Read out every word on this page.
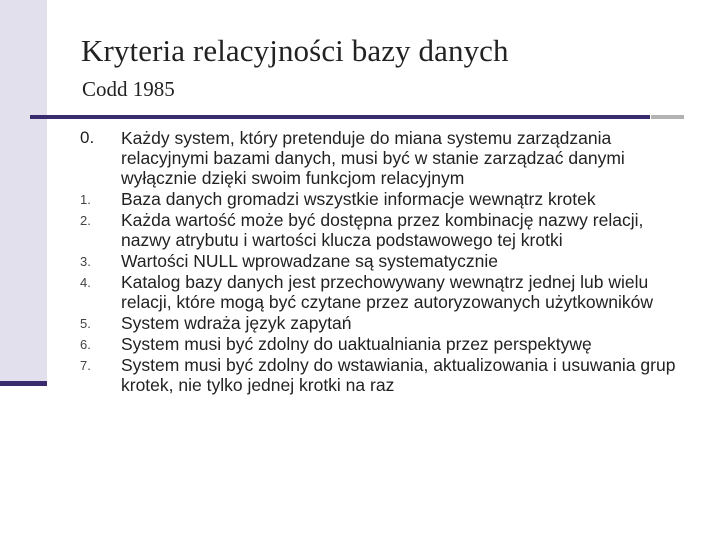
Kryteria relacyjności bazy danych
Codd 1985
0. Każdy system, który pretenduje do miana systemu zarządzania relacyjnymi bazami danych, musi być w stanie zarządzać danymi wyłącznie dzięki swoim funkcjom relacyjnym
1. Baza danych gromadzi wszystkie informacje wewnątrz krotek
2. Każda wartość może być dostępna przez kombinację nazwy relacji, nazwy atrybutu i wartości klucza podstawowego tej krotki
3. Wartości NULL wprowadzane są systematycznie
4. Katalog bazy danych jest przechowywany wewnątrz jednej lub wielu relacji, które mogą być czytane przez autoryzowanych użytkowników
5. System wdraża język zapytań
6. System musi być zdolny do uaktualniania przez perspektywę
7. System musi być zdolny do wstawiania, aktualizowania i usuwania grup krotek, nie tylko jednej krotki na raz
